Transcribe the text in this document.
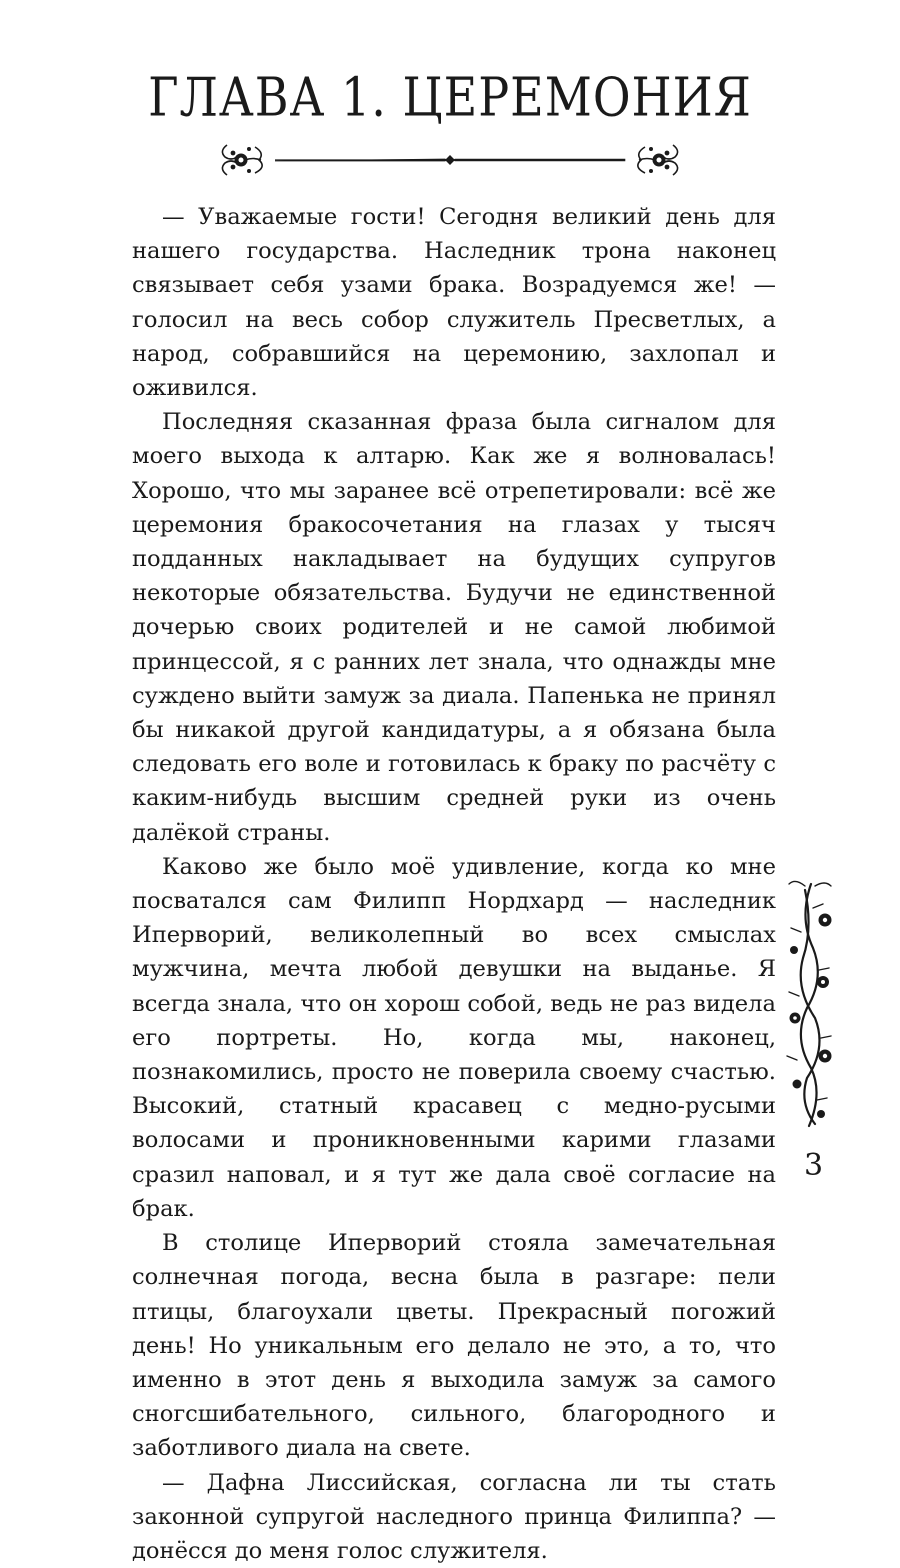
ГЛАВА 1. ЦЕРЕМОНИЯ

— Уважаемые гости! Сегодня великий день для нашего государства. Наследник трона наконец связывает себя узами брака. Возрадуемся же! — голосил на весь собор служитель Пресветлых, а народ, собравшийся на церемонию, захлопал и оживился.

Последняя сказанная фраза была сигналом для моего выхода к алтарю. Как же я волновалась! Хорошо, что мы заранее всё отрепетировали: всё же церемония бракосочетания на глазах у тысяч подданных накладывает на будущих супругов некоторые обязательства. Будучи не единственной дочерью своих родителей и не самой любимой принцессой, я с ранних лет знала, что однажды мне суждено выйти замуж за диала. Папенька не принял бы никакой другой кандидатуры, а я обязана была следовать его воле и готовилась к браку по расчёту с каким-нибудь высшим средней руки из очень далёкой страны.

Каково же было моё удивление, когда ко мне посватался сам Филипп Нордхард — наследник Иперворий, великолепный во всех смыслах мужчина, мечта любой девушки на выданье. Я всегда знала, что он хорош собой, ведь не раз видела его портреты. Но, когда мы, наконец, познакомились, просто не поверила своему счастью. Высокий, статный красавец с медно-русыми волосами и проникновенными карими глазами сразил наповал, и я тут же дала своё согласие на брак.

В столице Иперворий стояла замечательная солнечная погода, весна была в разгаре: пели птицы, благоухали цветы. Прекрасный погожий день! Но уникальным его делало не это, а то, что именно в этот день я выходила замуж за самого сногсшибательного, сильного, благородного и заботливого диала на свете.

— Дафна Лиссийская, согласна ли ты стать законной супругой наследного принца Филиппа? — донёсся до меня голос служителя.

3
